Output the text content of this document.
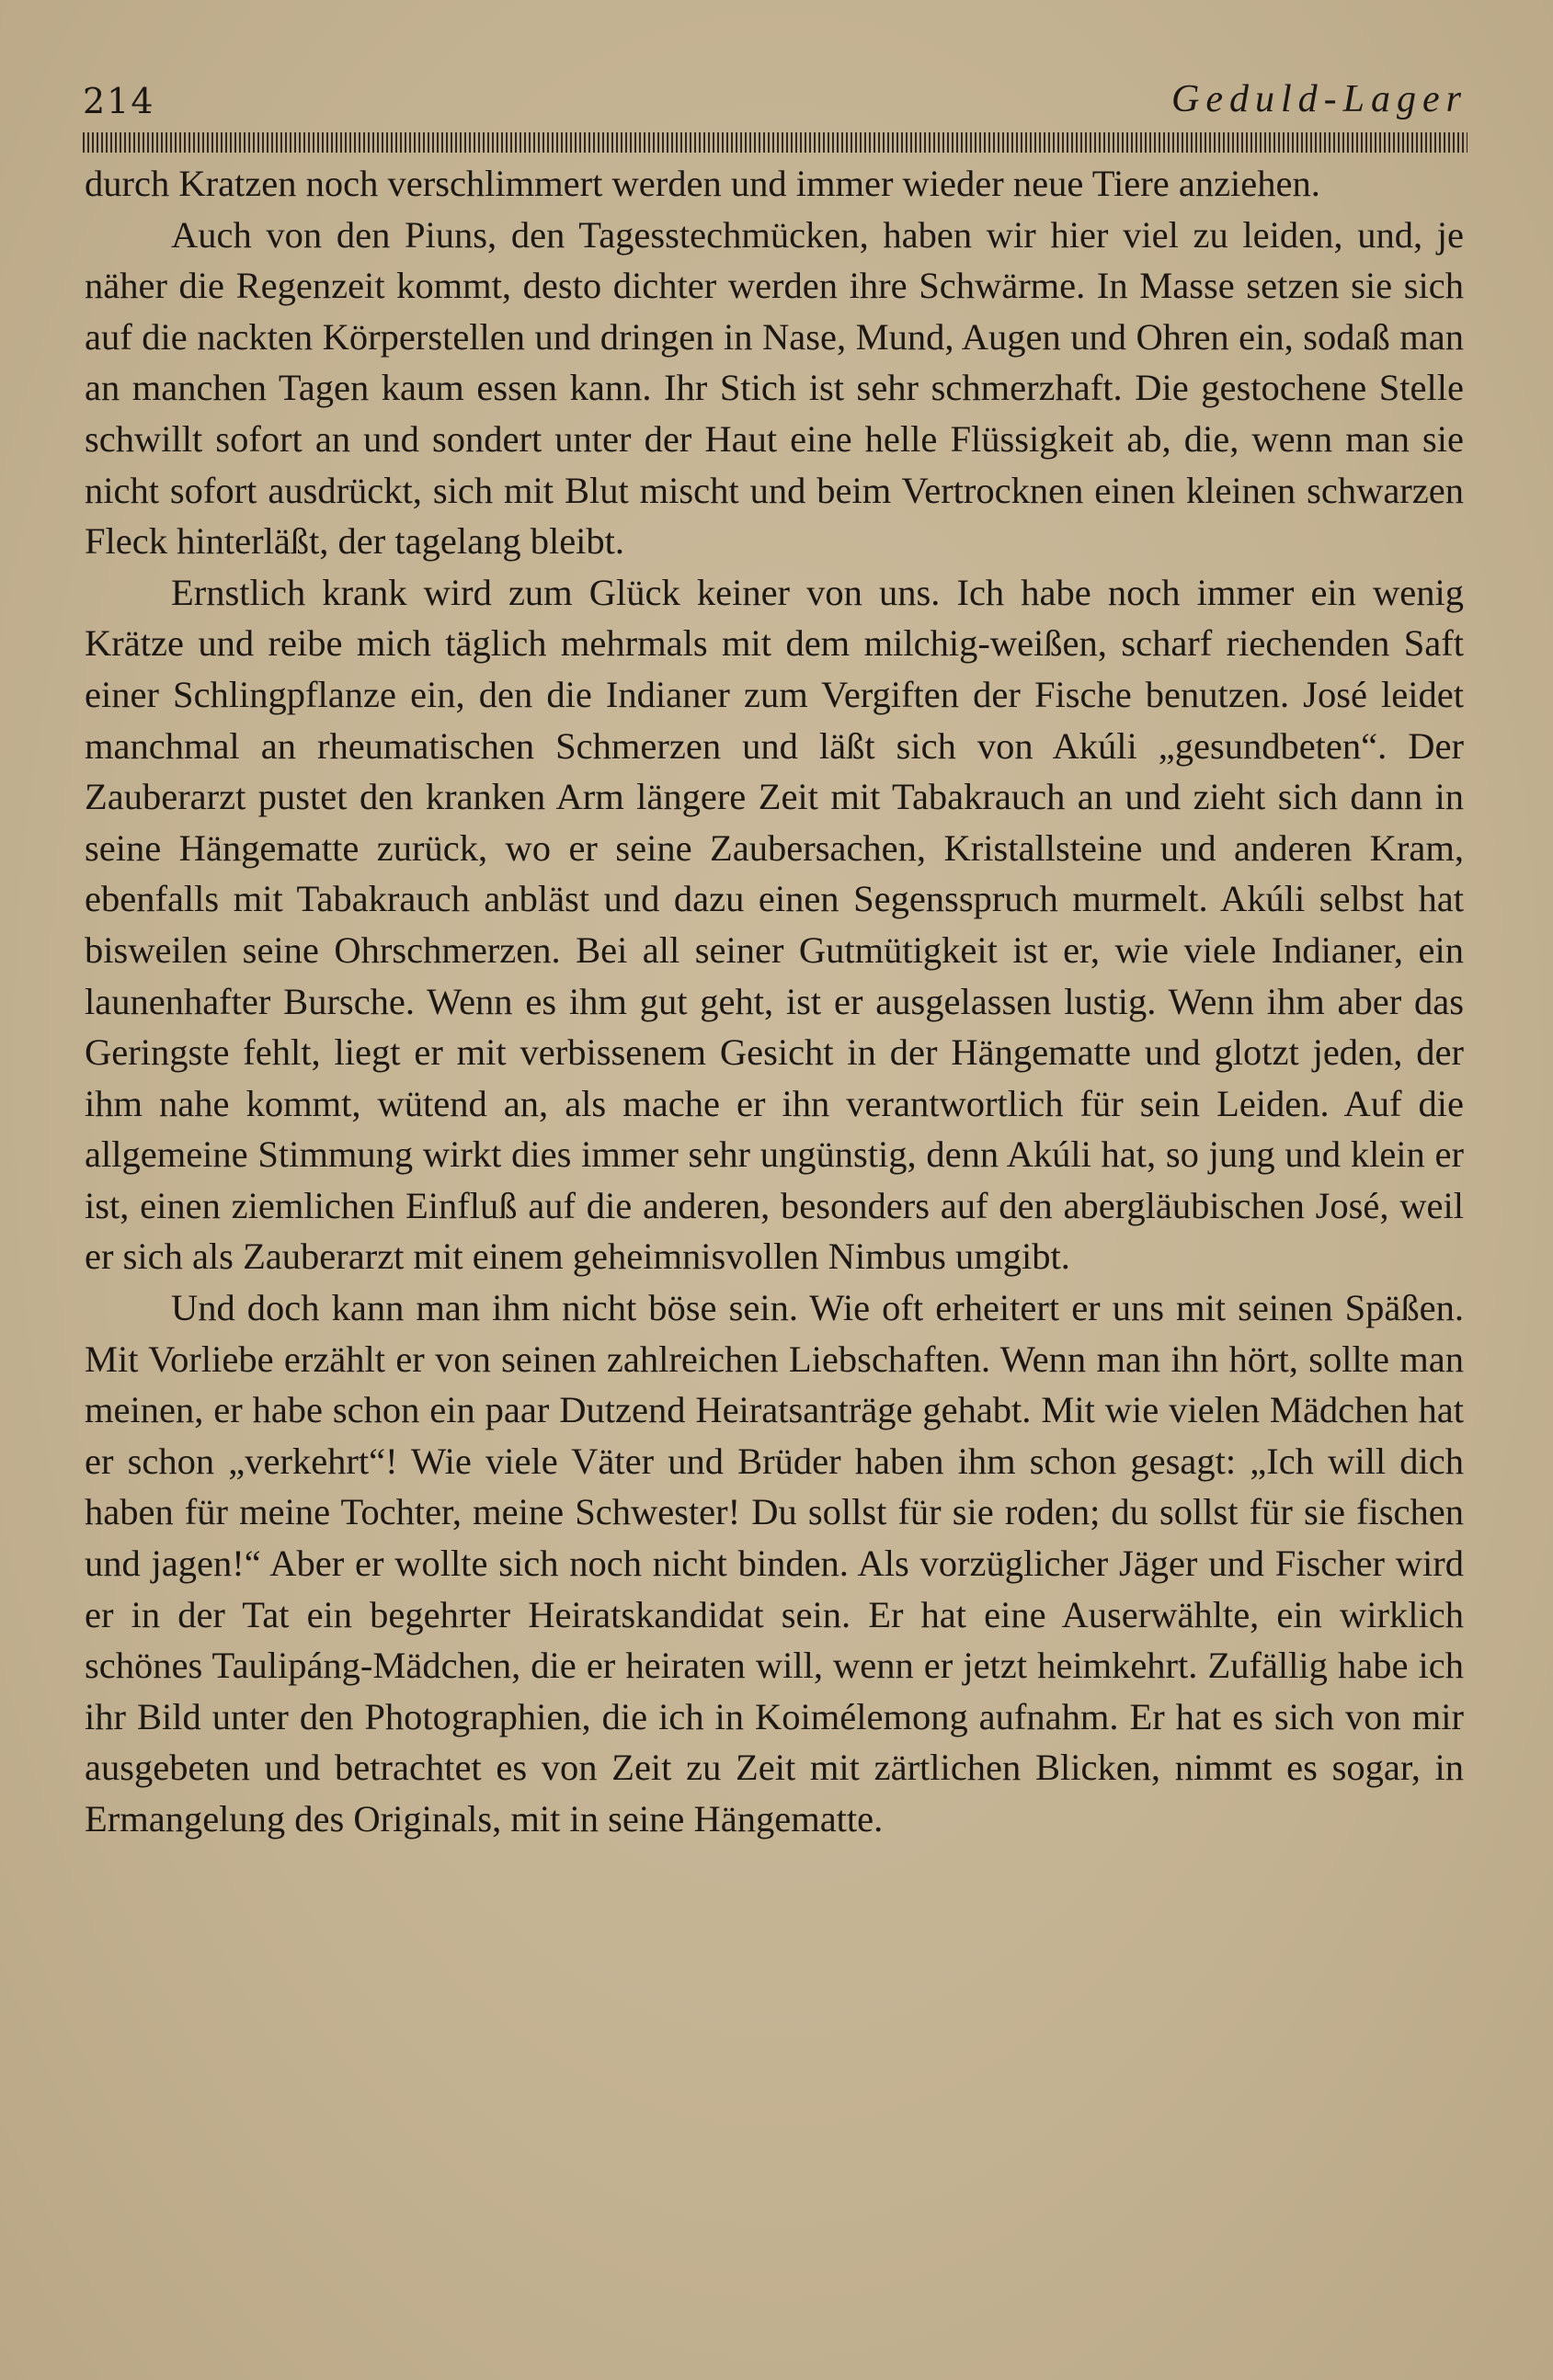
214	Geduld-Lager

durch Kratzen noch verschlimmert werden und immer wieder neue Tiere anziehen.

Auch von den Piuns, den Tagesstechmücken, haben wir hier viel zu leiden, und, je näher die Regenzeit kommt, desto dichter werden ihre Schwärme. In Masse setzen sie sich auf die nackten Körperstellen und dringen in Nase, Mund, Augen und Ohren ein, sodaß man an manchen Tagen kaum essen kann. Ihr Stich ist sehr schmerzhaft. Die gestochene Stelle schwillt sofort an und sondert unter der Haut eine helle Flüssigkeit ab, die, wenn man sie nicht sofort ausdrückt, sich mit Blut mischt und beim Vertrocknen einen kleinen schwarzen Fleck hinterläßt, der tagelang bleibt.

Ernstlich krank wird zum Glück keiner von uns. Ich habe noch immer ein wenig Krätze und reibe mich täglich mehrmals mit dem milchig-weißen, scharf riechenden Saft einer Schlingpflanze ein, den die Indianer zum Vergiften der Fische benutzen. José leidet manchmal an rheumatischen Schmerzen und läßt sich von Akúli „gesundbeten“. Der Zauberarzt pustet den kranken Arm längere Zeit mit Tabakrauch an und zieht sich dann in seine Hängematte zurück, wo er seine Zaubersachen, Kristallsteine und anderen Kram, ebenfalls mit Tabakrauch anbläst und dazu einen Segensspruch murmelt. Akúli selbst hat bisweilen seine Ohrschmerzen. Bei all seiner Gutmütigkeit ist er, wie viele Indianer, ein launenhafter Bursche. Wenn es ihm gut geht, ist er ausgelassen lustig. Wenn ihm aber das Geringste fehlt, liegt er mit verbissenem Gesicht in der Hängematte und glotzt jeden, der ihm nahe kommt, wütend an, als mache er ihn verantwortlich für sein Leiden. Auf die allgemeine Stimmung wirkt dies immer sehr ungünstig, denn Akúli hat, so jung und klein er ist, einen ziemlichen Einfluß auf die anderen, besonders auf den abergläubischen José, weil er sich als Zauberarzt mit einem geheimnisvollen Nimbus umgibt.

Und doch kann man ihm nicht böse sein. Wie oft erheitert er uns mit seinen Späßen. Mit Vorliebe erzählt er von seinen zahlreichen Liebschaften. Wenn man ihn hört, sollte man meinen, er habe schon ein paar Dutzend Heiratsanträge gehabt. Mit wie vielen Mädchen hat er schon „verkehrt“! Wie viele Väter und Brüder haben ihm schon gesagt: „Ich will dich haben für meine Tochter, meine Schwester! Du sollst für sie roden; du sollst für sie fischen und jagen!“ Aber er wollte sich noch nicht binden. Als vorzüglicher Jäger und Fischer wird er in der Tat ein begehrter Heiratskandidat sein. Er hat eine Auserwählte, ein wirklich schönes Taulipáng-Mädchen, die er heiraten will, wenn er jetzt heimkehrt. Zufällig habe ich ihr Bild unter den Photographien, die ich in Koimélemong aufnahm. Er hat es sich von mir ausgebeten und betrachtet es von Zeit zu Zeit mit zärtlichen Blicken, nimmt es sogar, in Ermangelung des Originals, mit in seine Hängematte.
